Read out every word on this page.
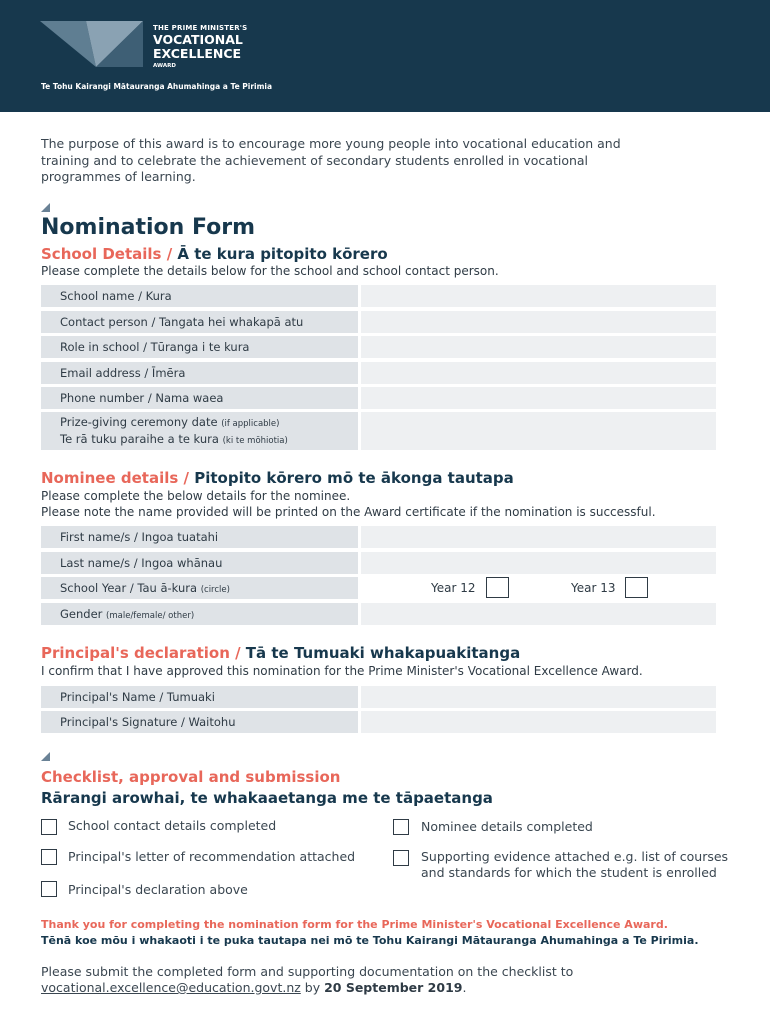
THE PRIME MINISTER'S
VOCATIONAL
EXCELLENCE
AWARD
Te Tohu Kairangi Mātauranga Ahumahinga a Te Pirimia
The purpose of this award is to encourage more young people into vocational education and training and to celebrate the achievement of secondary students enrolled in vocational programmes of learning.
Nomination Form
School Details / Ā te kura pitopito kōrero
Please complete the details below for the school and school contact person.
School name / Kura
Contact person / Tangata hei whakapā atu
Role in school / Tūranga i te kura
Email address / Īmēra
Phone number / Nama waea
Prize-giving ceremony date (if applicable)
Te rā tuku paraihe a te kura (ki te mōhiotia)
Nominee details / Pitopito kōrero mō te ākonga tautapa
Please complete the below details for the nominee.
Please note the name provided will be printed on the Award certificate if the nomination is successful.
First name/s / Ingoa tuatahi
Last name/s / Ingoa whānau
School Year / Tau ā-kura (circle)	Year 12	Year 13
Gender (male/female/ other)
Principal's declaration / Tā te Tumuaki whakapuakitanga
I confirm that I have approved this nomination for the Prime Minister's Vocational Excellence Award.
Principal's Name / Tumuaki
Principal's Signature / Waitohu
Checklist, approval and submission
Rārangi arowhai, te whakaaetanga me te tāpaetanga
School contact details completed	Nominee details completed
Principal's letter of recommendation attached	Supporting evidence attached e.g. list of courses and standards for which the student is enrolled
Principal's declaration above
Thank you for completing the nomination form for the Prime Minister's Vocational Excellence Award.
Tēnā koe mōu i whakaoti i te puka tautapa nei mō te Tohu Kairangi Mātauranga Ahumahinga a Te Pirimia.
Please submit the completed form and supporting documentation on the checklist to
vocational.excellence@education.govt.nz by 20 September 2019.
